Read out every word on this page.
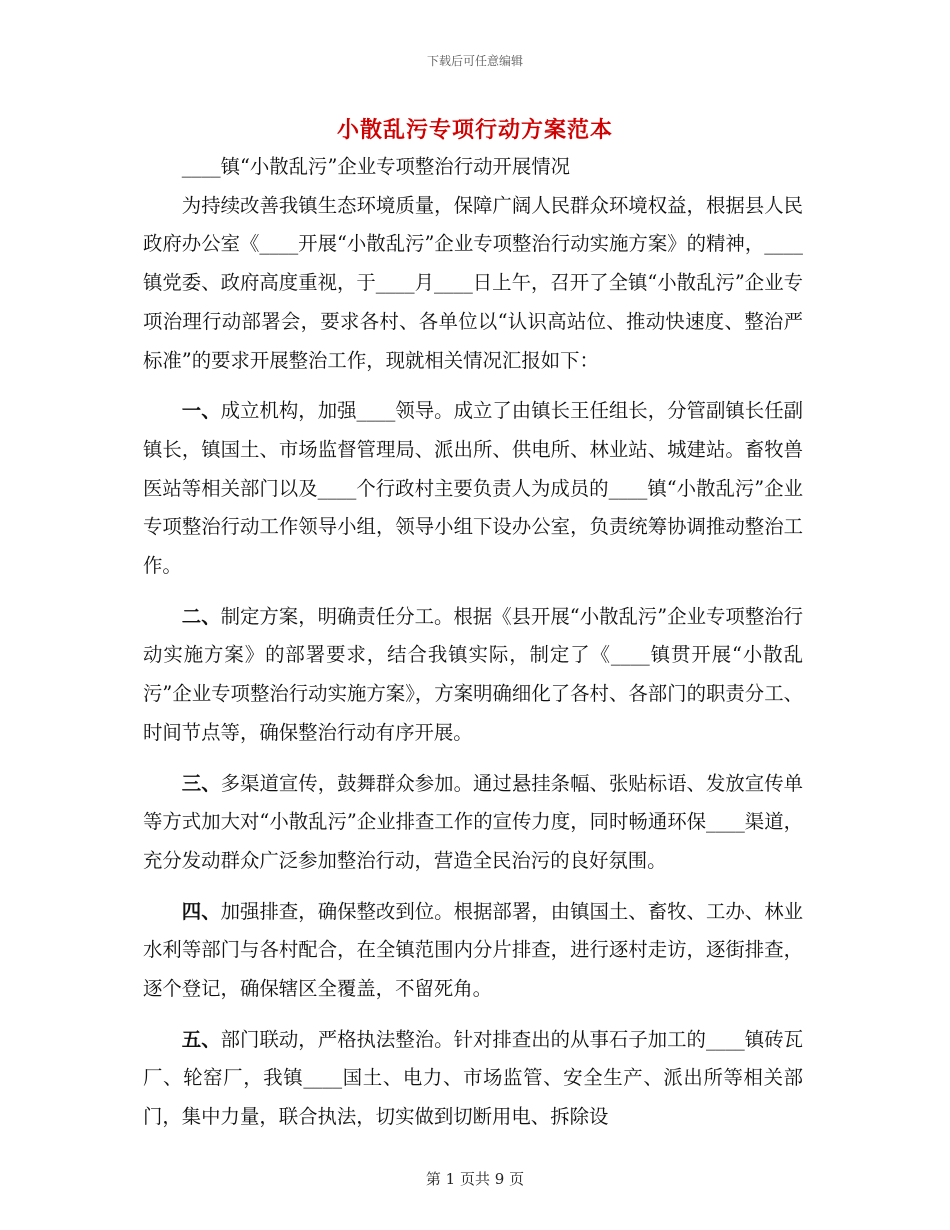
下载后可任意编辑
小散乱污专项行动方案范本

____镇“小散乱污”企业专项整治行动开展情况

为持续改善我镇生态环境质量，保障广阔人民群众环境权益，根据县人民政府办公室《____开展“小散乱污”企业专项整治行动实施方案》的精神，____镇党委、政府高度重视，于____月____日上午，召开了全镇“小散乱污”企业专项治理行动部署会，要求各村、各单位以“认识高站位、推动快速度、整治严标准”的要求开展整治工作，现就相关情况汇报如下：

一、成立机构，加强____领导。成立了由镇长王任组长，分管副镇长任副镇长，镇国土、市场监督管理局、派出所、供电所、林业站、城建站。畜牧兽医站等相关部门以及____个行政村主要负责人为成员的____镇“小散乱污”企业专项整治行动工作领导小组，领导小组下设办公室，负责统筹协调推动整治工作。

二、制定方案，明确责任分工。根据《县开展“小散乱污”企业专项整治行动实施方案》的部署要求，结合我镇实际，制定了《____镇贯开展“小散乱污”企业专项整治行动实施方案》，方案明确细化了各村、各部门的职责分工、时间节点等，确保整治行动有序开展。

三、多渠道宣传，鼓舞群众参加。通过悬挂条幅、张贴标语、发放宣传单等方式加大对“小散乱污”企业排查工作的宣传力度，同时畅通环保____渠道，充分发动群众广泛参加整治行动，营造全民治污的良好氛围。

四、加强排查，确保整改到位。根据部署，由镇国土、畜牧、工办、林业水利等部门与各村配合，在全镇范围内分片排查，进行逐村走访，逐街排查，逐个登记，确保辖区全覆盖，不留死角。

五、部门联动，严格执法整治。针对排查出的从事石子加工的____镇砖瓦厂、轮窑厂，我镇____国土、电力、市场监管、安全生产、派出所等相关部门，集中力量，联合执法，切实做到切断用电、拆除设

第 1 页共 9 页
